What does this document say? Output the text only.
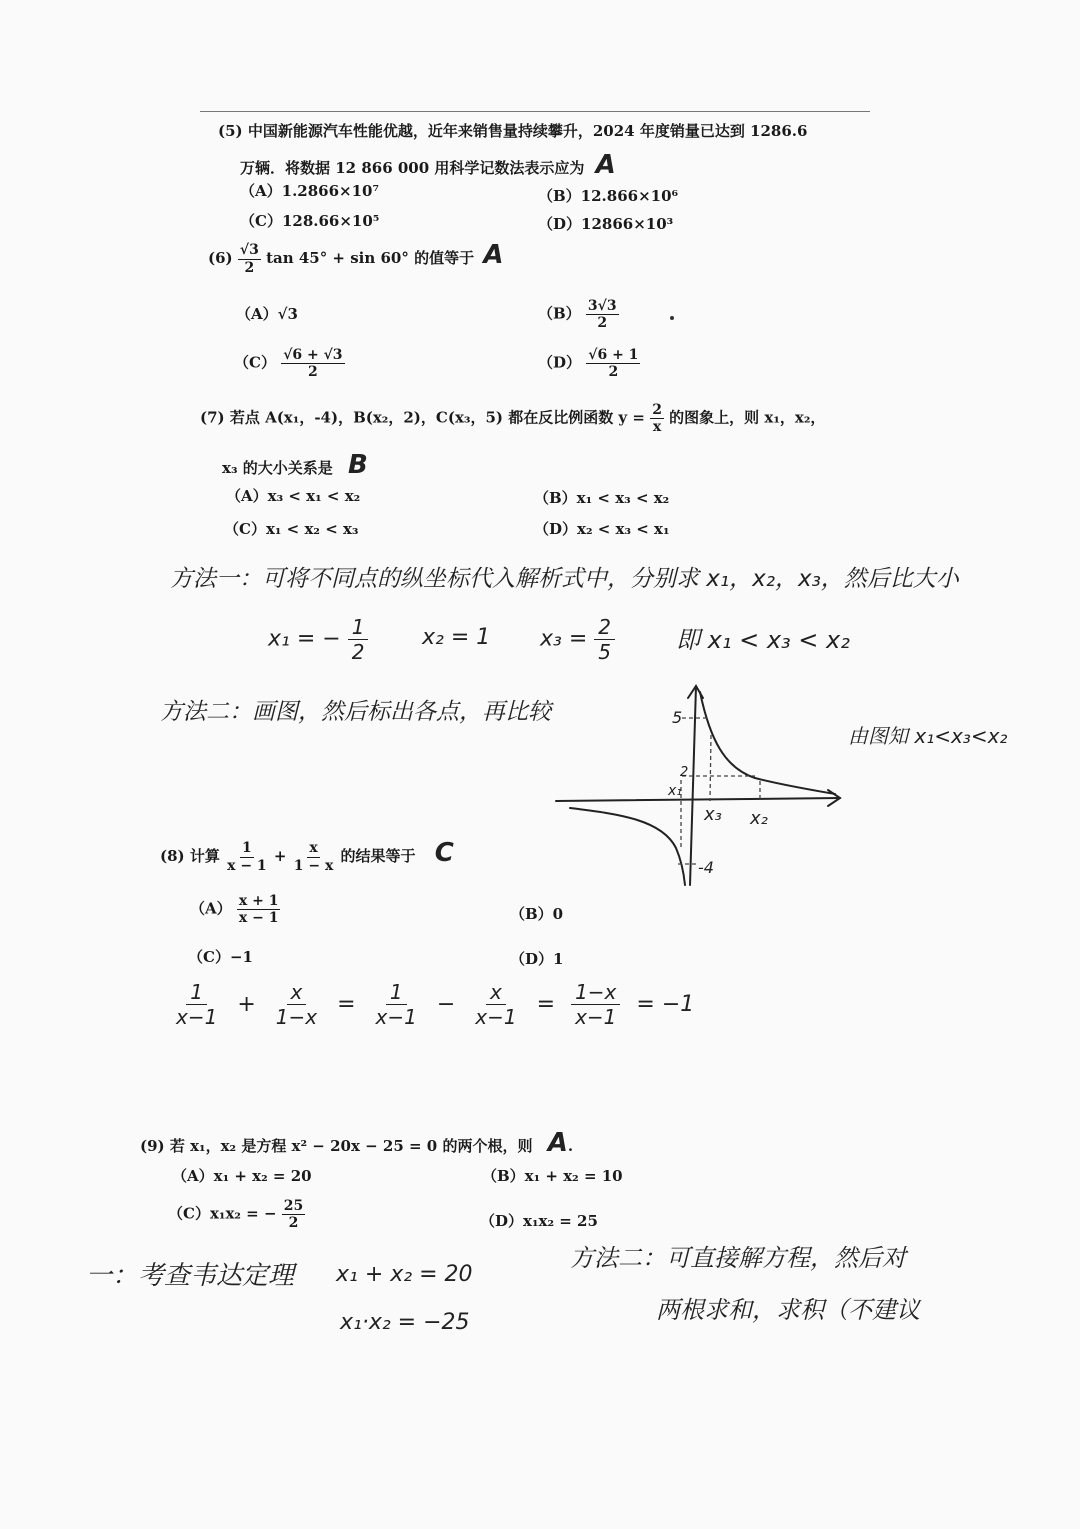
(5) 中国新能源汽车性能优越，近年来销售量持续攀升，2024 年度销量已达到 1286.6
万辆．将数据 12 866 000 用科学记数法表示应为 A
（A）1.2866×10⁷	（B）12.866×10⁶
（C）128.66×10⁵	（D）12866×10³
$(6) \frac{√3}{2}$ tan 45° + sin 60° 的值等于 A
（A）√3	$(B) \frac{3√3}{2}$
$(C) \frac{√6 + √3}{2}$	$(D) \frac{√6 + 1}{2}$
(7) 若点 A(x₁，-4)，B(x₂，2)，C(x₃，5) 都在反比例函数 $y = \frac{2}{x}$ 的图象上，则 x₁，x₂，
x₃ 的大小关系是 B
（A）x₃ < x₁ < x₂	（B）x₁ < x₃ < x₂
（C）x₁ < x₂ < x₃	（D）x₂ < x₃ < x₁
方法一：可将不同点的纵坐标代入解析式中，分别求 x₁，x₂，x₃，然后比大小
x₁ = − $\frac{1}{2} x_2 = 1$ $x_3 = \frac{2}{5}$	即 x₁ < x₃ < x₂
方法二：画图，然后标出各点，再比较
由图知 x₁<x₃<x₂
5
2
-4
x₁
x₃ x₂
(8) 计算 $\frac{1}{x - 1} + \frac{x}{1 - x}$ 的结果等于 C
$(A) \frac{x + 1}{x - 1}$	（B）0
（C）−1	（D）1
$\frac{1}{x-1} + \frac{x}{1-x} = \frac{1}{x-1} - \frac{x}{x-1} = \frac{1-x}{x-1} = -1$
(9) 若 x₁，x₂ 是方程 x² − 20x − 25 = 0 的两个根，则 A.
（A）x₁ + x₂ = 20	（B）x₁ + x₂ = 10
（C）x₁x₂ = − $\frac{25}{2}$	（D）x₁x₂ = 25
一：考查韦达定理 x₁ + x₂ = 20
x₁·x₂ = −25
方法二：可直接解方程，然后对
两根求和，求积（不建议
